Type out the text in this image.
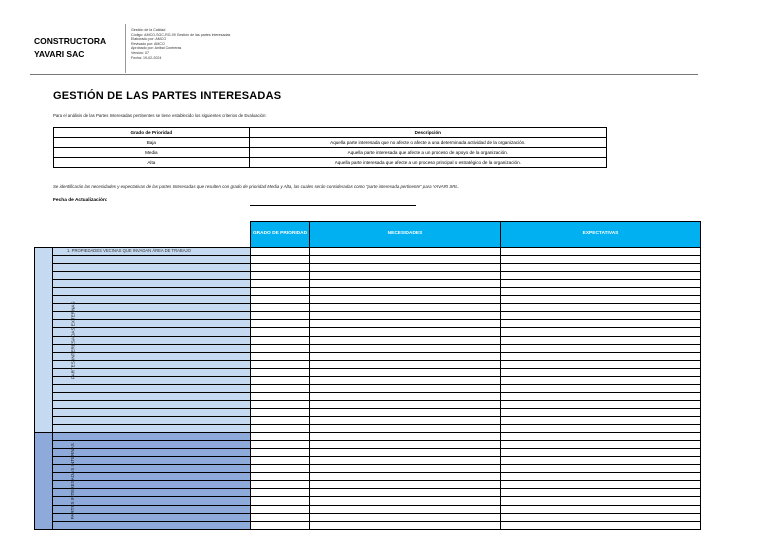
CONSTRUCTORA
YAVARI SAC
Gestión de la Calidad
Código: AMCO-SGC-RG-09 Gestión de las partes interesadas
Elaborado por: AMCO
Revisado por: AMCO
Aprobado por: Anibal Contreras
Versión: 07
Fecha: 19-02-2024
GESTIÓN DE LAS PARTES INTERESADAS
Para el análisis de las Partes Interesadas pertinentes se tiene establecido los siguientes criterios de Evaluación:
Grado de Prioridad	Descripción
Baja	Aquella parte interesada que no afecte o afecte a una determinada actividad de la organización.
Media	Aquella parte interesada que afecte a un proceso de apoyo de la organización.
Alta	Aquella parte interesada que afecte a un proceso principal o estratégico de la organización.
Se identificarán las necesidades y expectativas de las partes Interesadas que resulten con grado de prioridad Media y Alta, las cuales serán consideradas como "parte interesada pertinente" para YAVARI SRL.
Fecha de Actualización:
		GRADO DE PRIORIDAD	NECESIDADES	EXPECTATIVAS
PARTES INTERESADAS EXTERNAS	1. PROPIEDADES VECINAS QUE INVADAN ÁREA DE TRABAJO			

PARTES INTERESADAS INTERNAS				
